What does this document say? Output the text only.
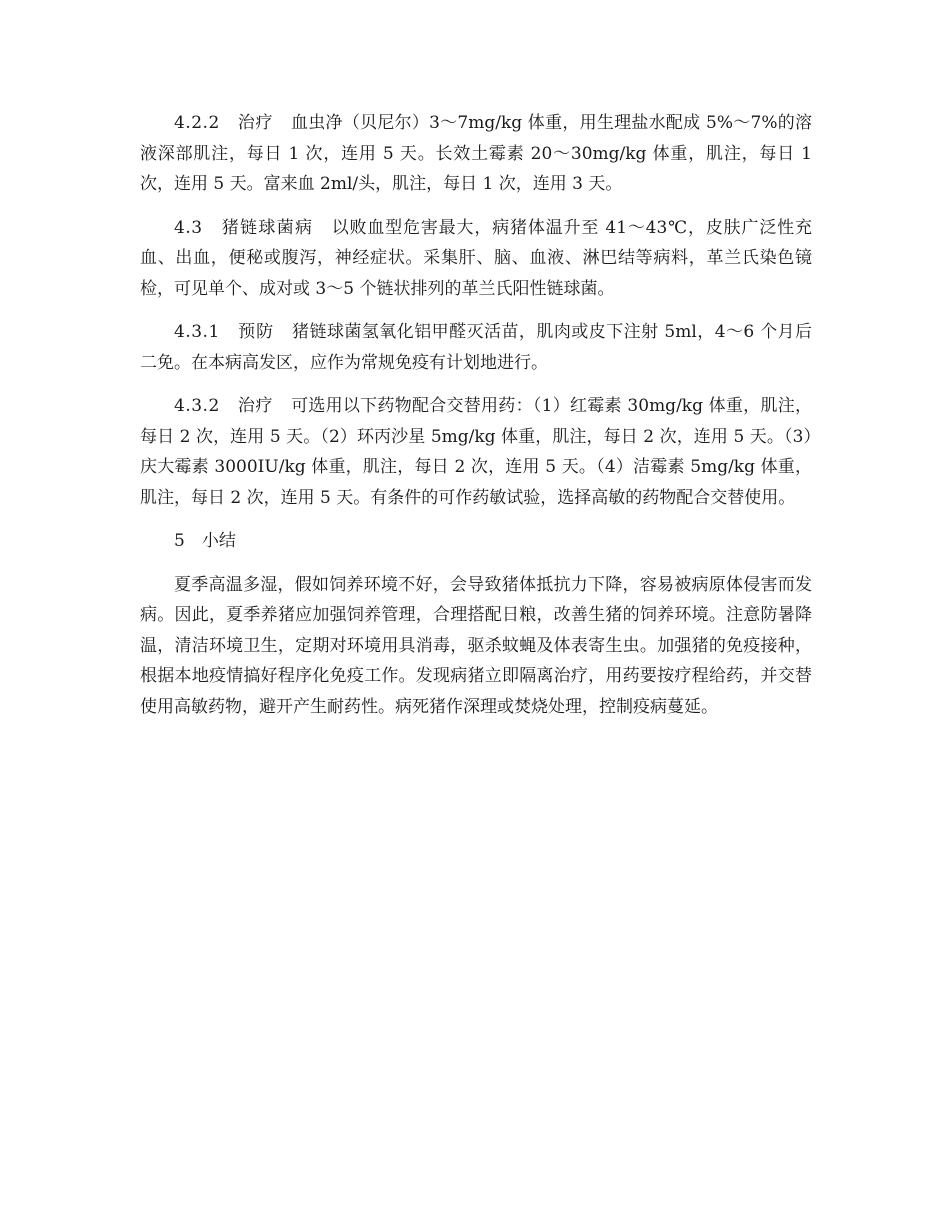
4.2.2　治疗　血虫净（贝尼尔）3～7mg/kg 体重，用生理盐水配成 5%～7%的溶液深部肌注，每日 1 次，连用 5 天。长效土霉素 20～30mg/kg 体重，肌注，每日 1 次，连用 5 天。富来血 2ml/头，肌注，每日 1 次，连用 3 天。

4.3　猪链球菌病　以败血型危害最大，病猪体温升至 41～43℃，皮肤广泛性充血、出血，便秘或腹泻，神经症状。采集肝、脑、血液、淋巴结等病料，革兰氏染色镜检，可见单个、成对或 3～5 个链状排列的革兰氏阳性链球菌。

4.3.1　预防　猪链球菌氢氧化铝甲醛灭活苗，肌肉或皮下注射 5ml，4～6 个月后二免。在本病高发区，应作为常规免疫有计划地进行。

4.3.2　治疗　可选用以下药物配合交替用药：（1）红霉素 30mg/kg 体重，肌注，每日 2 次，连用 5 天。（2）环丙沙星 5mg/kg 体重，肌注，每日 2 次，连用 5 天。（3）庆大霉素 3000IU/kg 体重，肌注，每日 2 次，连用 5 天。（4）洁霉素 5mg/kg 体重，肌注，每日 2 次，连用 5 天。有条件的可作药敏试验，选择高敏的药物配合交替使用。

5　小结

夏季高温多湿，假如饲养环境不好，会导致猪体抵抗力下降，容易被病原体侵害而发病。因此，夏季养猪应加强饲养管理，合理搭配日粮，改善生猪的饲养环境。注意防暑降温，清洁环境卫生，定期对环境用具消毒，驱杀蚊蝇及体表寄生虫。加强猪的免疫接种，根据本地疫情搞好程序化免疫工作。发现病猪立即隔离治疗，用药要按疗程给药，并交替使用高敏药物，避开产生耐药性。病死猪作深理或焚烧处理，控制疫病蔓延。
